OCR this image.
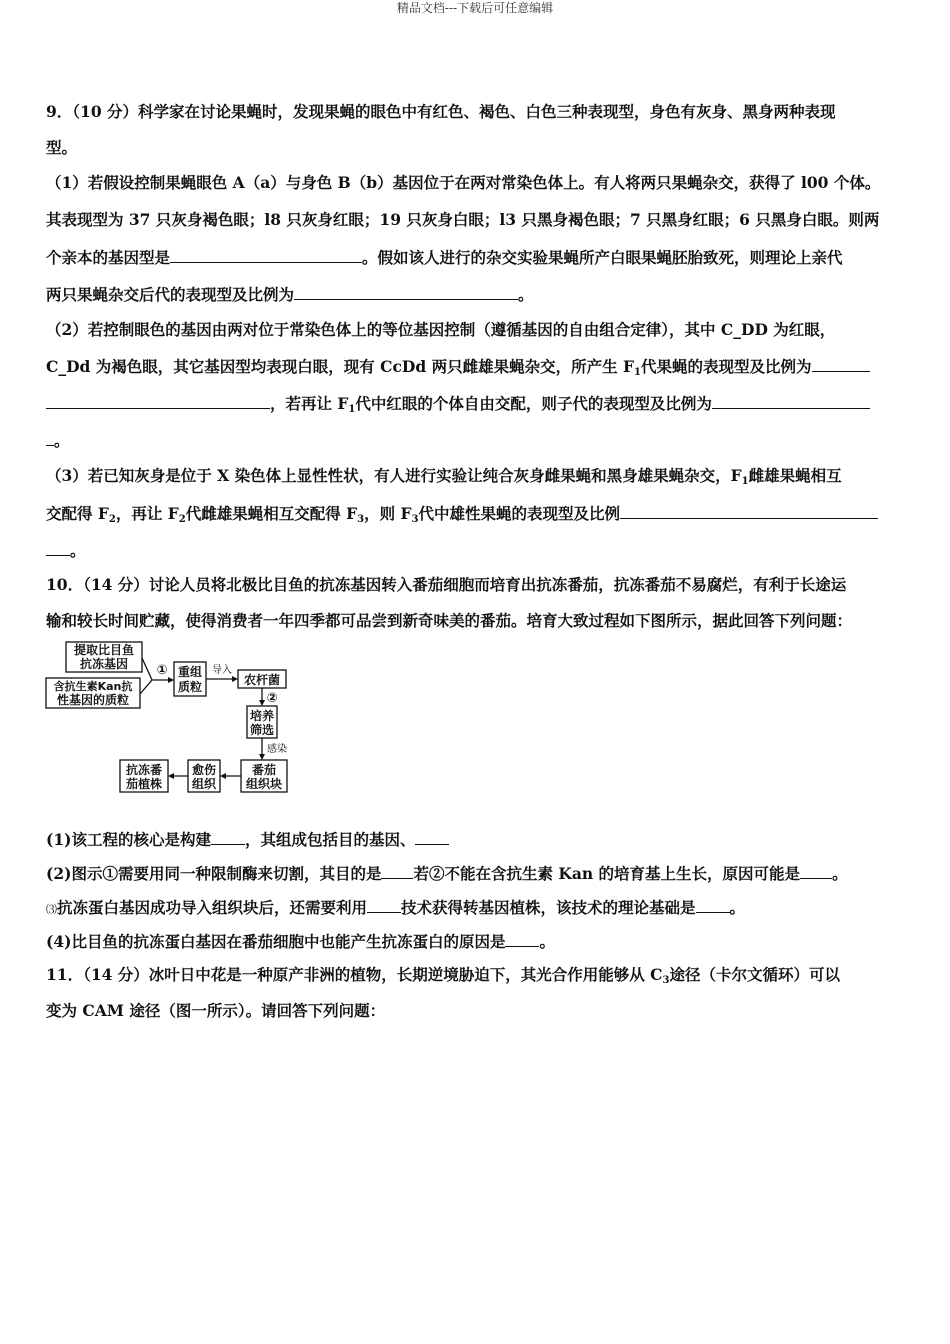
精品文档---下载后可任意编辑
9．（10 分）科学家在讨论果蝇时，发现果蝇的眼色中有红色、褐色、白色三种表现型，身色有灰身、黑身两种表现
型。
（1）若假设控制果蝇眼色 A（a）与身色 B（b）基因位于在两对常染色体上。有人将两只果蝇杂交，获得了 l00 个体。
其表现型为 37 只灰身褐色眼；l8 只灰身红眼；19 只灰身白眼；l3 只黑身褐色眼；7 只黑身红眼；6 只黑身白眼。则两
个亲本的基因型是	。假如该人进行的杂交实验果蝇所产白眼果蝇胚胎致死，则理论上亲代
两只果蝇杂交后代的表现型及比例为	。
（2）若控制眼色的基因由两对位于常染色体上的等位基因控制（遵循基因的自由组合定律），其中 C_DD 为红眼，
C_Dd 为褐色眼，其它基因型均表现白眼，现有 CcDd 两只雌雄果蝇杂交，所产生 $F_1$代果蝇的表现型及比例为
，若再让 $F_1$代中红眼的个体自由交配，则子代的表现型及比例为
。
（3）若已知灰身是位于 X 染色体上显性性状，有人进行实验让纯合灰身雌果蝇和黑身雄果蝇杂交，$F_1$雌雄果蝇相互
交配得 $F_2$，再让 $F_2$代雌雄果蝇相互交配得 $F_3$，则 $F_3$代中雄性果蝇的表现型及比例
。
10．（14 分）讨论人员将北极比目鱼的抗冻基因转入番茄细胞而培育出抗冻番茄，抗冻番茄不易腐烂，有利于长途运
输和较长时间贮藏，使得消费者一年四季都可品尝到新奇味美的番茄。培育大致过程如下图所示，据此回答下列问题：
提取比目鱼
抗冻基因
含抗生素Kan抗
性基因的质粒
① 重组
质粒
导入
农杆菌
②
培养
筛选
感染
番茄
组织块
愈伤
组织
抗冻番
茄植株
(1)该工程的核心是构建 ，其组成包括目的基因、
(2)图示①需要用同一种限制酶来切割，其目的是 若②不能在含抗生素 Kan 的培育基上生长，原因可能是 。
⑶抗冻蛋白基因成功导入组织块后，还需要利用 技术获得转基因植株，该技术的理论基础是 。
(4)比目鱼的抗冻蛋白基因在番茄细胞中也能产生抗冻蛋白的原因是 。
11．（14 分）冰叶日中花是一种原产非洲的植物，长期逆境胁迫下，其光合作用能够从 $C_3$途径（卡尔文循环）可以
变为 CAM 途径（图一所示）。请回答下列问题：
